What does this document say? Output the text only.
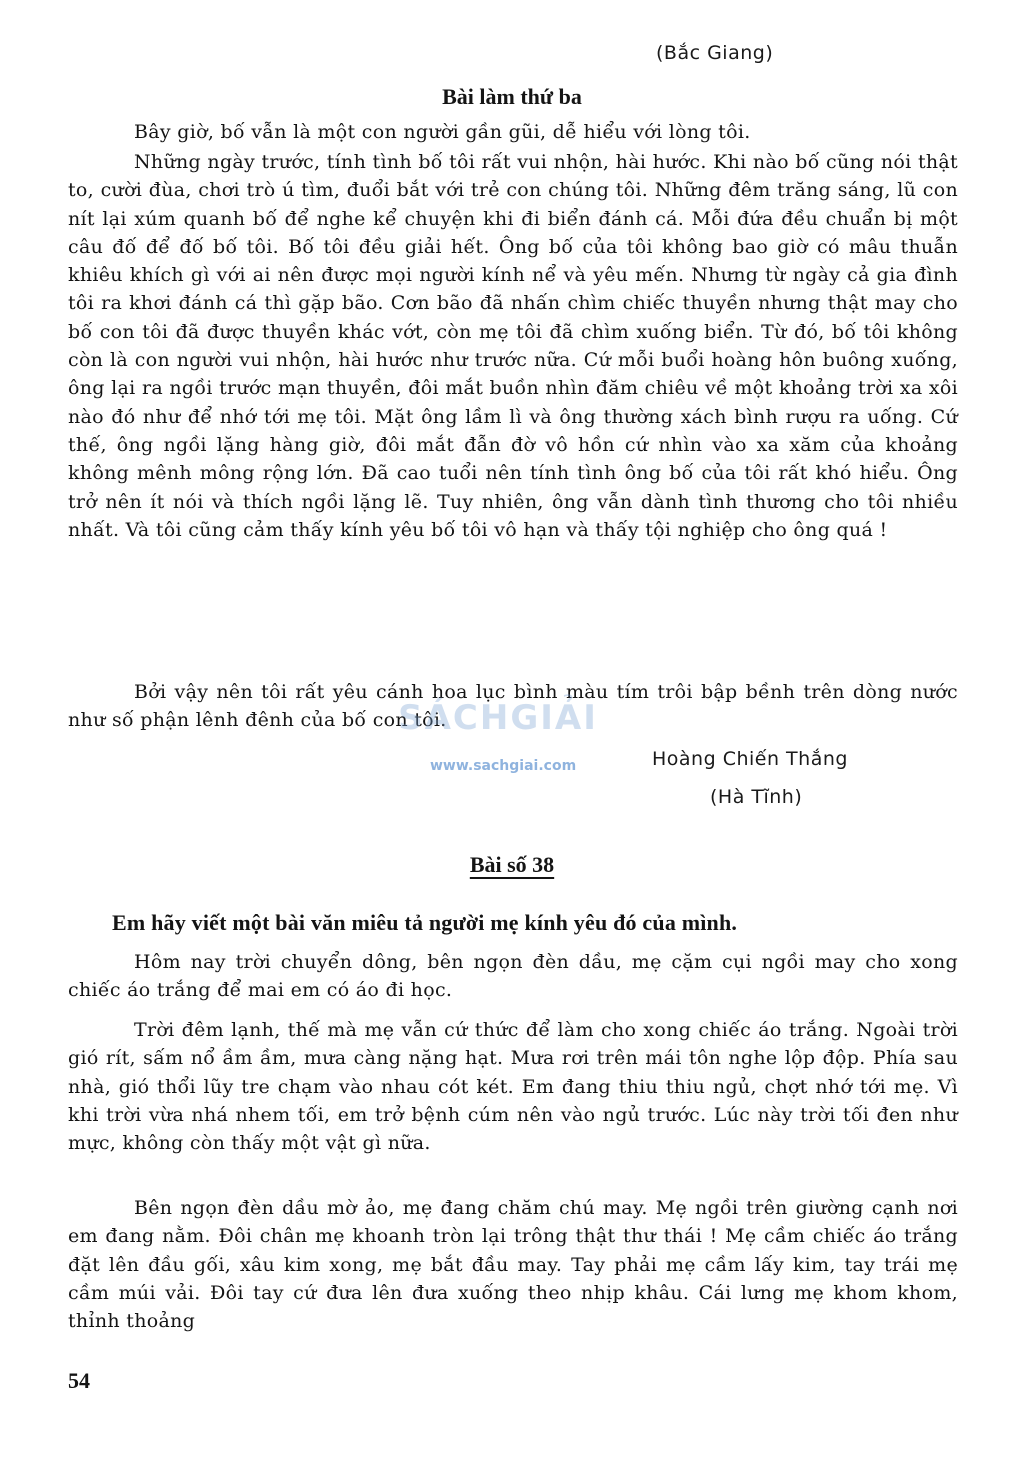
(Bắc Giang)
Bài làm thứ ba

Bây giờ, bố vẫn là một con người gần gũi, dễ hiểu với lòng tôi.

Những ngày trước, tính tình bố tôi rất vui nhộn, hài hước. Khi nào bố cũng nói thật to, cười đùa, chơi trò ú tìm, đuổi bắt với trẻ con chúng tôi. Những đêm trăng sáng, lũ con nít lại xúm quanh bố để nghe kể chuyện khi đi biển đánh cá. Mỗi đứa đều chuẩn bị một câu đố để đố bố tôi. Bố tôi đều giải hết. Ông bố của tôi không bao giờ có mâu thuẫn khiêu khích gì với ai nên được mọi người kính nể và yêu mến. Nhưng từ ngày cả gia đình tôi ra khơi đánh cá thì gặp bão. Cơn bão đã nhấn chìm chiếc thuyền nhưng thật may cho bố con tôi đã được thuyền khác vớt, còn mẹ tôi đã chìm xuống biển. Từ đó, bố tôi không còn là con người vui nhộn, hài hước như trước nữa. Cứ mỗi buổi hoàng hôn buông xuống, ông lại ra ngồi trước mạn thuyền, đôi mắt buồn nhìn đăm chiêu về một khoảng trời xa xôi nào đó như để nhớ tới mẹ tôi. Mặt ông lầm lì và ông thường xách bình rượu ra uống. Cứ thế, ông ngồi lặng hàng giờ, đôi mắt đẫn đờ vô hồn cứ nhìn vào xa xăm của khoảng không mênh mông rộng lớn. Đã cao tuổi nên tính tình ông bố của tôi rất khó hiểu. Ông trở nên ít nói và thích ngồi lặng lẽ. Tuy nhiên, ông vẫn dành tình thương cho tôi nhiều nhất. Và tôi cũng cảm thấy kính yêu bố tôi vô hạn và thấy tội nghiệp cho ông quá !

Bởi vậy nên tôi rất yêu cánh hoa lục bình màu tím trôi bập bềnh trên dòng nước như số phận lênh đênh của bố con tôi.

SÁCHGIẢI
www.sachgiai.com	Hoàng Chiến Thắng
(Hà Tĩnh)
Bài số 38
Em hãy viết một bài văn miêu tả người mẹ kính yêu đó của mình.

Hôm nay trời chuyển dông, bên ngọn đèn dầu, mẹ cặm cụi ngồi may cho xong chiếc áo trắng để mai em có áo đi học.

Trời đêm lạnh, thế mà mẹ vẫn cứ thức để làm cho xong chiếc áo trắng. Ngoài trời gió rít, sấm nổ ầm ầm, mưa càng nặng hạt. Mưa rơi trên mái tôn nghe lộp độp. Phía sau nhà, gió thổi lũy tre chạm vào nhau cót két. Em đang thiu thiu ngủ, chợt nhớ tới mẹ. Vì khi trời vừa nhá nhem tối, em trở bệnh cúm nên vào ngủ trước. Lúc này trời tối đen như mực, không còn thấy một vật gì nữa.

Bên ngọn đèn dầu mờ ảo, mẹ đang chăm chú may. Mẹ ngồi trên giường cạnh nơi em đang nằm. Đôi chân mẹ khoanh tròn lại trông thật thư thái ! Mẹ cầm chiếc áo trắng đặt lên đầu gối, xâu kim xong, mẹ bắt đầu may. Tay phải mẹ cầm lấy kim, tay trái mẹ cầm múi vải. Đôi tay cứ đưa lên đưa xuống theo nhịp khâu. Cái lưng mẹ khom khom, thỉnh thoảng

54
